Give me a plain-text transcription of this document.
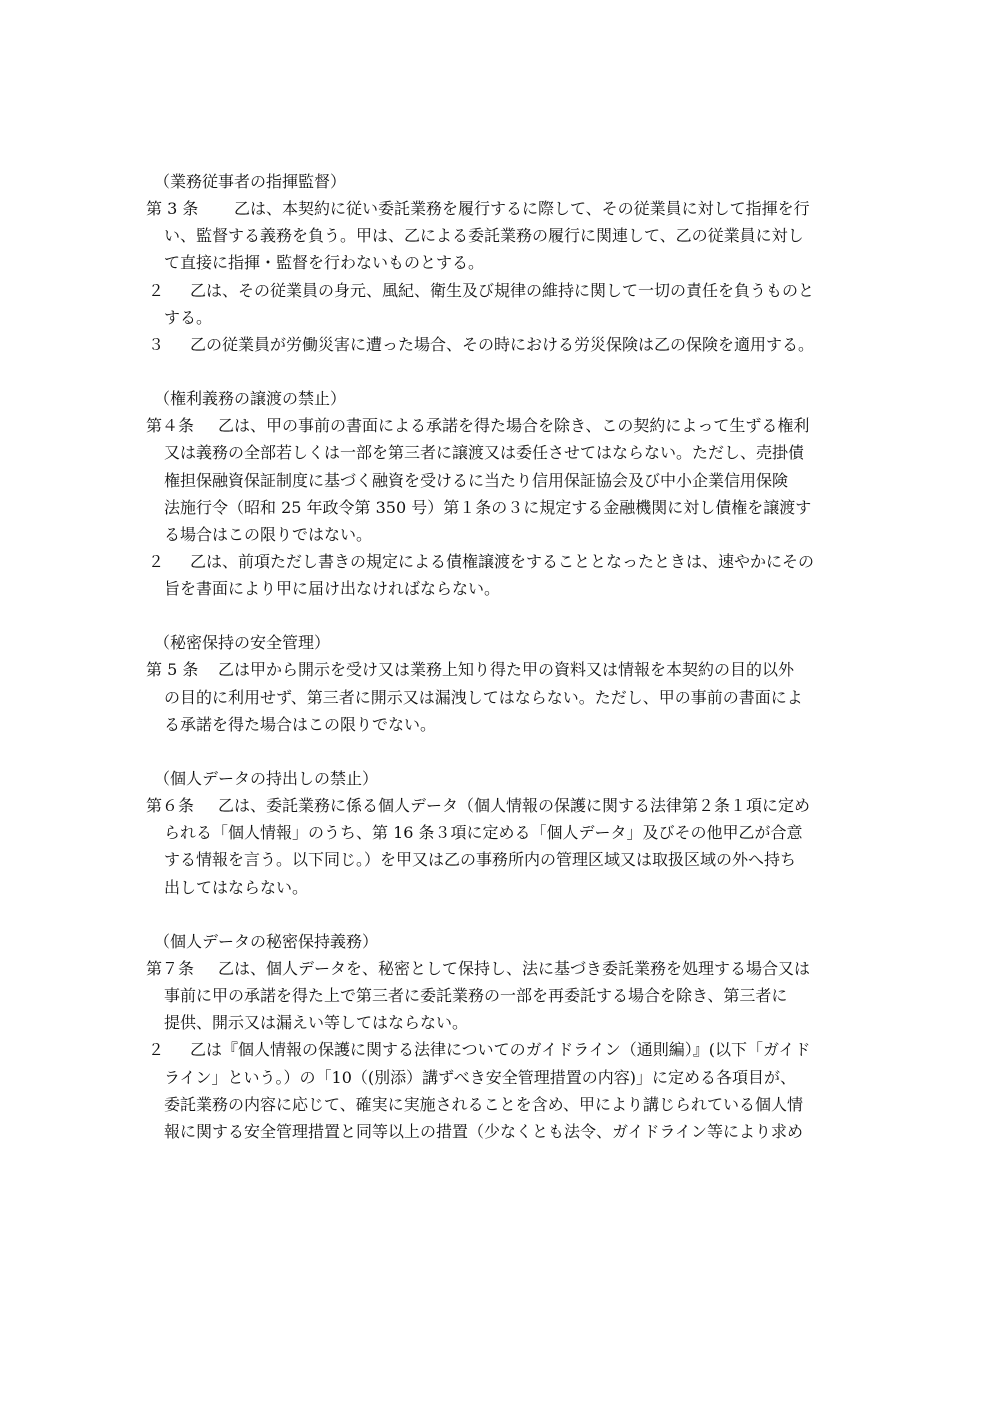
（業務従事者の指揮監督）
第 3 条 　　乙は、本契約に従い委託業務を履行するに際して、その従業員に対して指揮を行
い、監督する義務を負う。甲は、乙による委託業務の履行に関連して、乙の従業員に対し
て直接に指揮・監督を行わないものとする。
２ 　乙は、その従業員の身元、風紀、衛生及び規律の維持に関して一切の責任を負うものと
する。
３ 　乙の従業員が労働災害に遭った場合、その時における労災保険は乙の保険を適用する。
（権利義務の譲渡の禁止）
第４条 　乙は、甲の事前の書面による承諾を得た場合を除き、この契約によって生ずる権利
又は義務の全部若しくは一部を第三者に譲渡又は委任させてはならない。ただし、売掛債
権担保融資保証制度に基づく融資を受けるに当たり信用保証協会及び中小企業信用保険
法施行令（昭和 25 年政令第 350 号）第１条の３に規定する金融機関に対し債権を譲渡す
る場合はこの限りではない。
２ 　乙は、前項ただし書きの規定による債権譲渡をすることとなったときは、速やかにその
旨を書面により甲に届け出なければならない。
（秘密保持の安全管理）
第 5 条 　乙は甲から開示を受け又は業務上知り得た甲の資料又は情報を本契約の目的以外
の目的に利用せず、第三者に開示又は漏洩してはならない。ただし、甲の事前の書面によ
る承諾を得た場合はこの限りでない。
（個人データの持出しの禁止）
第６条 　乙は、委託業務に係る個人データ（個人情報の保護に関する法律第２条１項に定め
られる「個人情報」のうち、第 16 条３項に定める「個人データ」及びその他甲乙が合意
する情報を言う。以下同じ。）を甲又は乙の事務所内の管理区域又は取扱区域の外へ持ち
出してはならない。
（個人データの秘密保持義務）
第７条 　乙は、個人データを、秘密として保持し、法に基づき委託業務を処理する場合又は
事前に甲の承諾を得た上で第三者に委託業務の一部を再委託する場合を除き、第三者に
提供、開示又は漏えい等してはならない。
２ 　乙は『個人情報の保護に関する法律についてのガイドライン（通則編）』(以下「ガイド
ライン」という。）の「10（(別添）講ずべき安全管理措置の内容)」に定める各項目が、
委託業務の内容に応じて、確実に実施されることを含め、甲により講じられている個人情
報に関する安全管理措置と同等以上の措置（少なくとも法令、ガイドライン等により求め
